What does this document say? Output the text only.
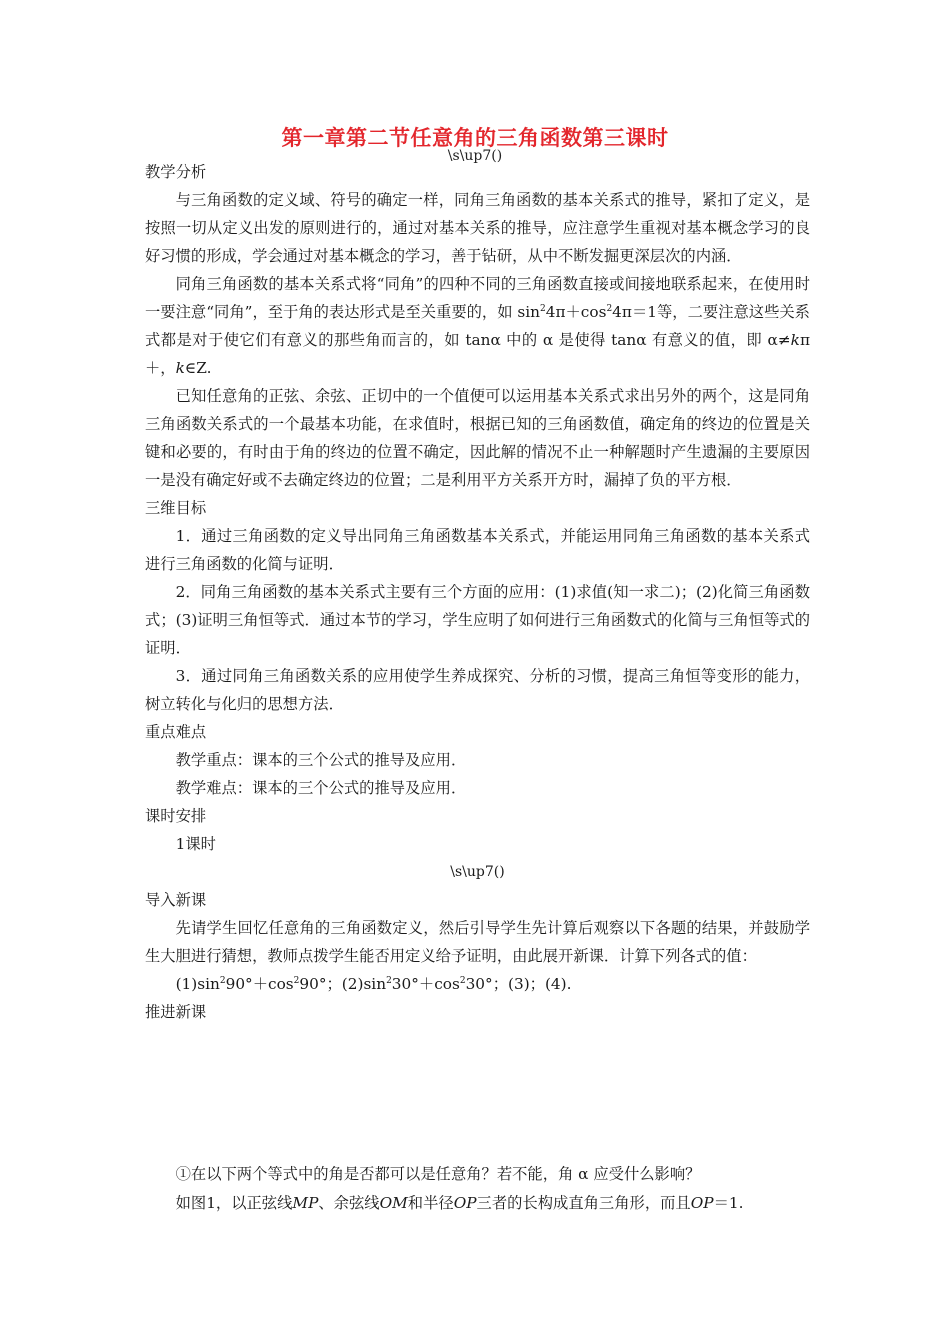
第一章第二节任意角的三角函数第三课时
\s\up7()

教学分析

与三角函数的定义域、符号的确定一样，同角三角函数的基本关系式的推导，紧扣了定义，是按照一切从定义出发的原则进行的，通过对基本关系的推导，应注意学生重视对基本概念学习的良好习惯的形成，学会通过对基本概念的学习，善于钻研，从中不断发掘更深层次的内涵．

同角三角函数的基本关系式将“同角”的四种不同的三角函数直接或间接地联系起来，在使用时一要注意“同角”，至于角的表达形式是至关重要的，如 $\sin^24\pi+\cos^24\pi=1$等，二要注意这些关系式都是对于使它们有意义的那些角而言的，如 tanα 中的 α 是使得 tanα 有意义的值，即 α≠kπ＋，k∈Z.

已知任意角的正弦、余弦、正切中的一个值便可以运用基本关系式求出另外的两个，这是同角三角函数关系式的一个最基本功能，在求值时，根据已知的三角函数值，确定角的终边的位置是关键和必要的，有时由于角的终边的位置不确定，因此解的情况不止一种解题时产生遗漏的主要原因一是没有确定好或不去确定终边的位置；二是利用平方关系开方时，漏掉了负的平方根．

三维目标

1．通过三角函数的定义导出同角三角函数基本关系式，并能运用同角三角函数的基本关系式进行三角函数的化简与证明．

2．同角三角函数的基本关系式主要有三个方面的应用：(1)求值(知一求二)；(2)化简三角函数式；(3)证明三角恒等式．通过本节的学习，学生应明了如何进行三角函数式的化简与三角恒等式的证明．

3．通过同角三角函数关系的应用使学生养成探究、分析的习惯，提高三角恒等变形的能力，树立转化与化归的思想方法．

重点难点

教学重点：课本的三个公式的推导及应用．

教学难点：课本的三个公式的推导及应用．

课时安排

1课时

\s\up7()

导入新课

先请学生回忆任意角的三角函数定义，然后引导学生先计算后观察以下各题的结果，并鼓励学生大胆进行猜想，教师点拨学生能否用定义给予证明，由此展开新课．计算下列各式的值：

$(1)\sin^290^\circ+\cos^290^\circ$；$(2)\sin^230^\circ+\cos^230^\circ$；(3)；(4).

推进新课

①在以下两个等式中的角是否都可以是任意角？若不能，角 α 应受什么影响？

如图1，以正弦线MP、余弦线OM和半径OP三者的长构成直角三角形，而且OP＝1.
